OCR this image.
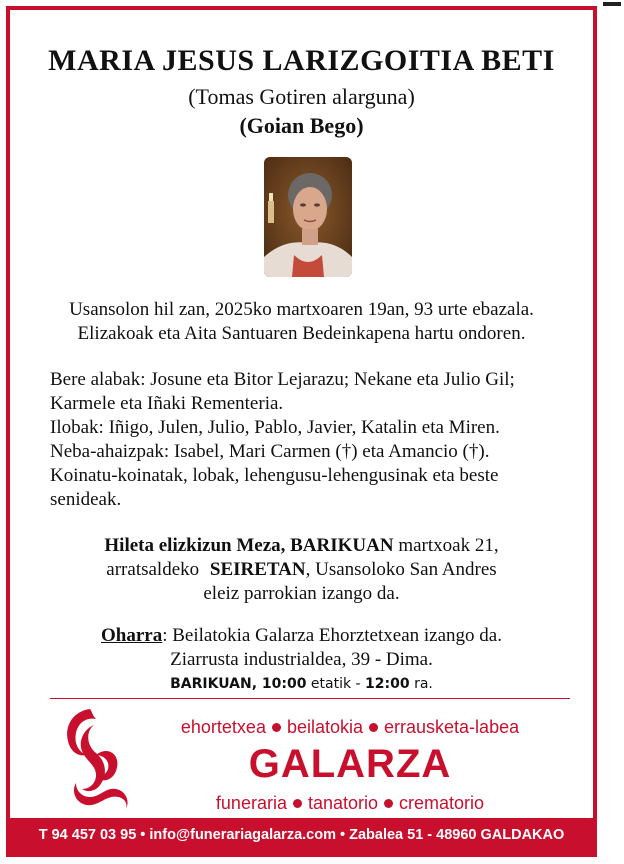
MARIA JESUS LARIZGOITIA BETI
(Tomas Gotiren alarguna)
(Goian Bego)
Usansolon hil zan, 2025ko martxoaren 19an, 93 urte ebazala.
Elizakoak eta Aita Santuaren Bedeinkapena hartu ondoren.

Bere alabak: Josune eta Bitor Lejarazu; Nekane eta Julio Gil; Karmele eta Iñaki Rementeria.

Ilobak: Iñigo, Julen, Julio, Pablo, Javier, Katalin eta Miren.

Neba-ahaizpak: Isabel, Mari Carmen (†) eta Amancio (†).

Koinatu-koinatak, lobak, lehengusu-lehengusinak eta beste senideak.

Hileta elizkizun Meza, BARIKUAN martxoak 21,
arratsaldeko SEIRETAN, Usansoloko San Andres
eleiz parrokian izango da.
Oharra: Beilatokia Galarza Ehorztetxean izango da.
Ziarrusta industrialdea, 39 - Dima.
BARIKUAN, 10:00 etatik - 12:00 ra.
ehortetxea beilatokia errausketa-labea
GALARZA
funeraria tanatorio crematorio
T 94 457 03 95 • info@funerariagalarza.com • Zabalea 51 - 48960 GALDAKAO
